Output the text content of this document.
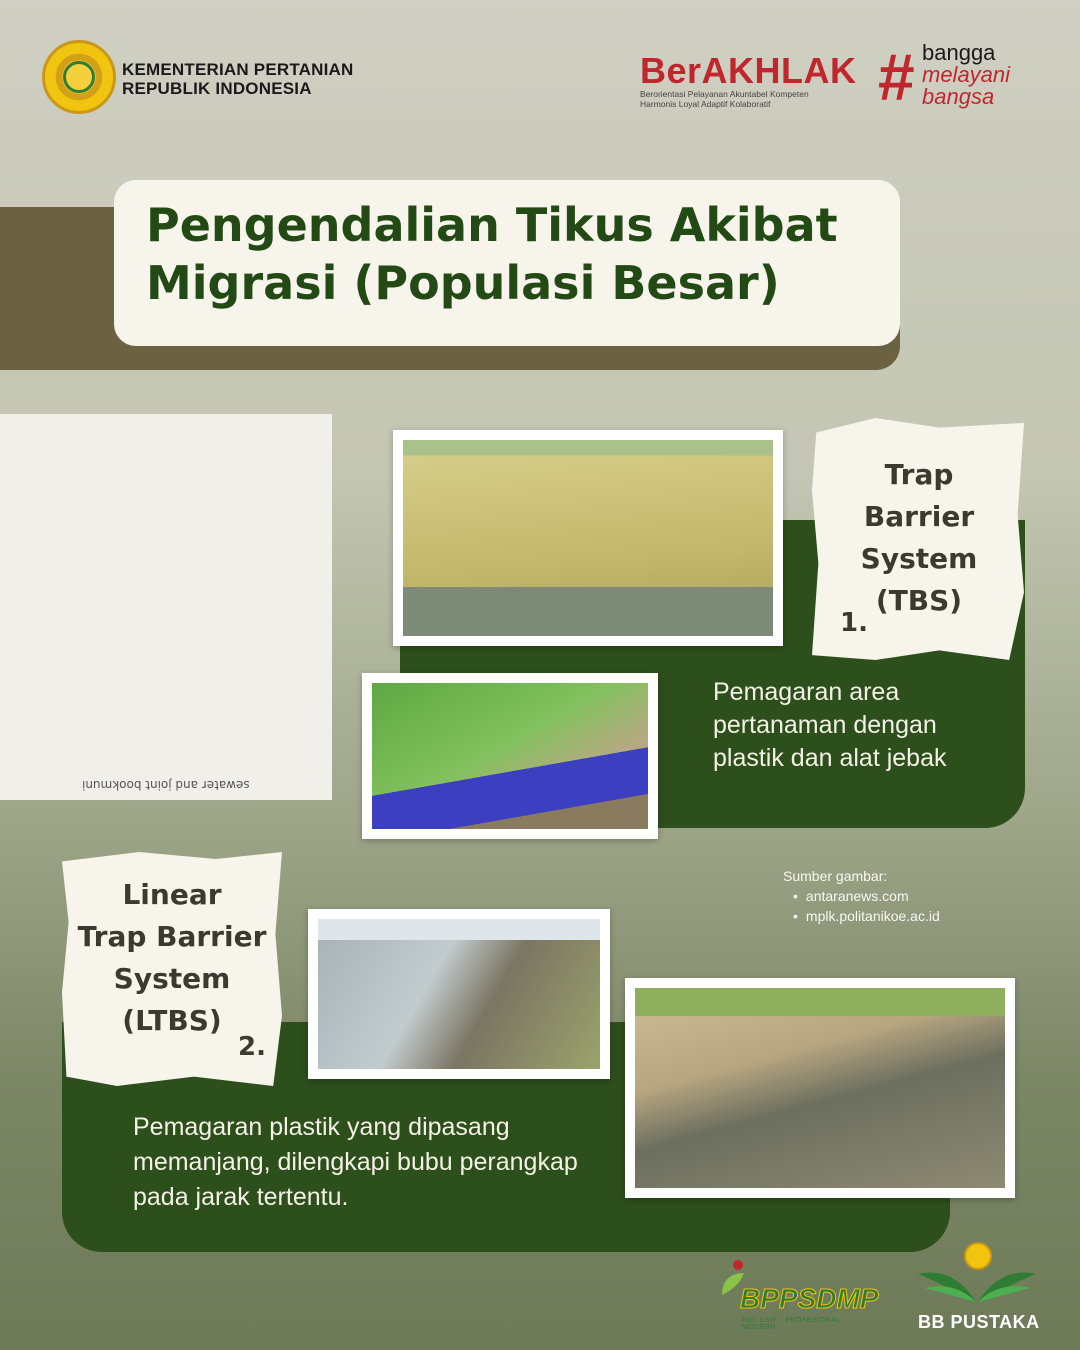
KEMENTERIAN PERTANIAN
REPUBLIK INDONESIA	BerAKHLAK
Berorientasi Pelayanan Akuntabel Kompeten
Harmonis Loyal Adaptif Kolaboratif	# bangga
melayani
bangsa
Pengendalian Tikus Akibat
Migrasi (Populasi Besar)
sewater and joint bookmuni
Trap
Barrier
System
(TBS)
1.
Pemagaran area pertanaman dengan plastik dan alat jebak
Linear
Trap Barrier
System
(LTBS)
2.
Pemagaran plastik yang dipasang memanjang, dilengkapi bubu perangkap pada jarak tertentu.
Sumber gambar:
• antaranews.com
• mplk.politanikoe.ac.id
BPPSDMP
INKLUSIF · PROFESIONAL · MODERN	BB PUSTAKA
